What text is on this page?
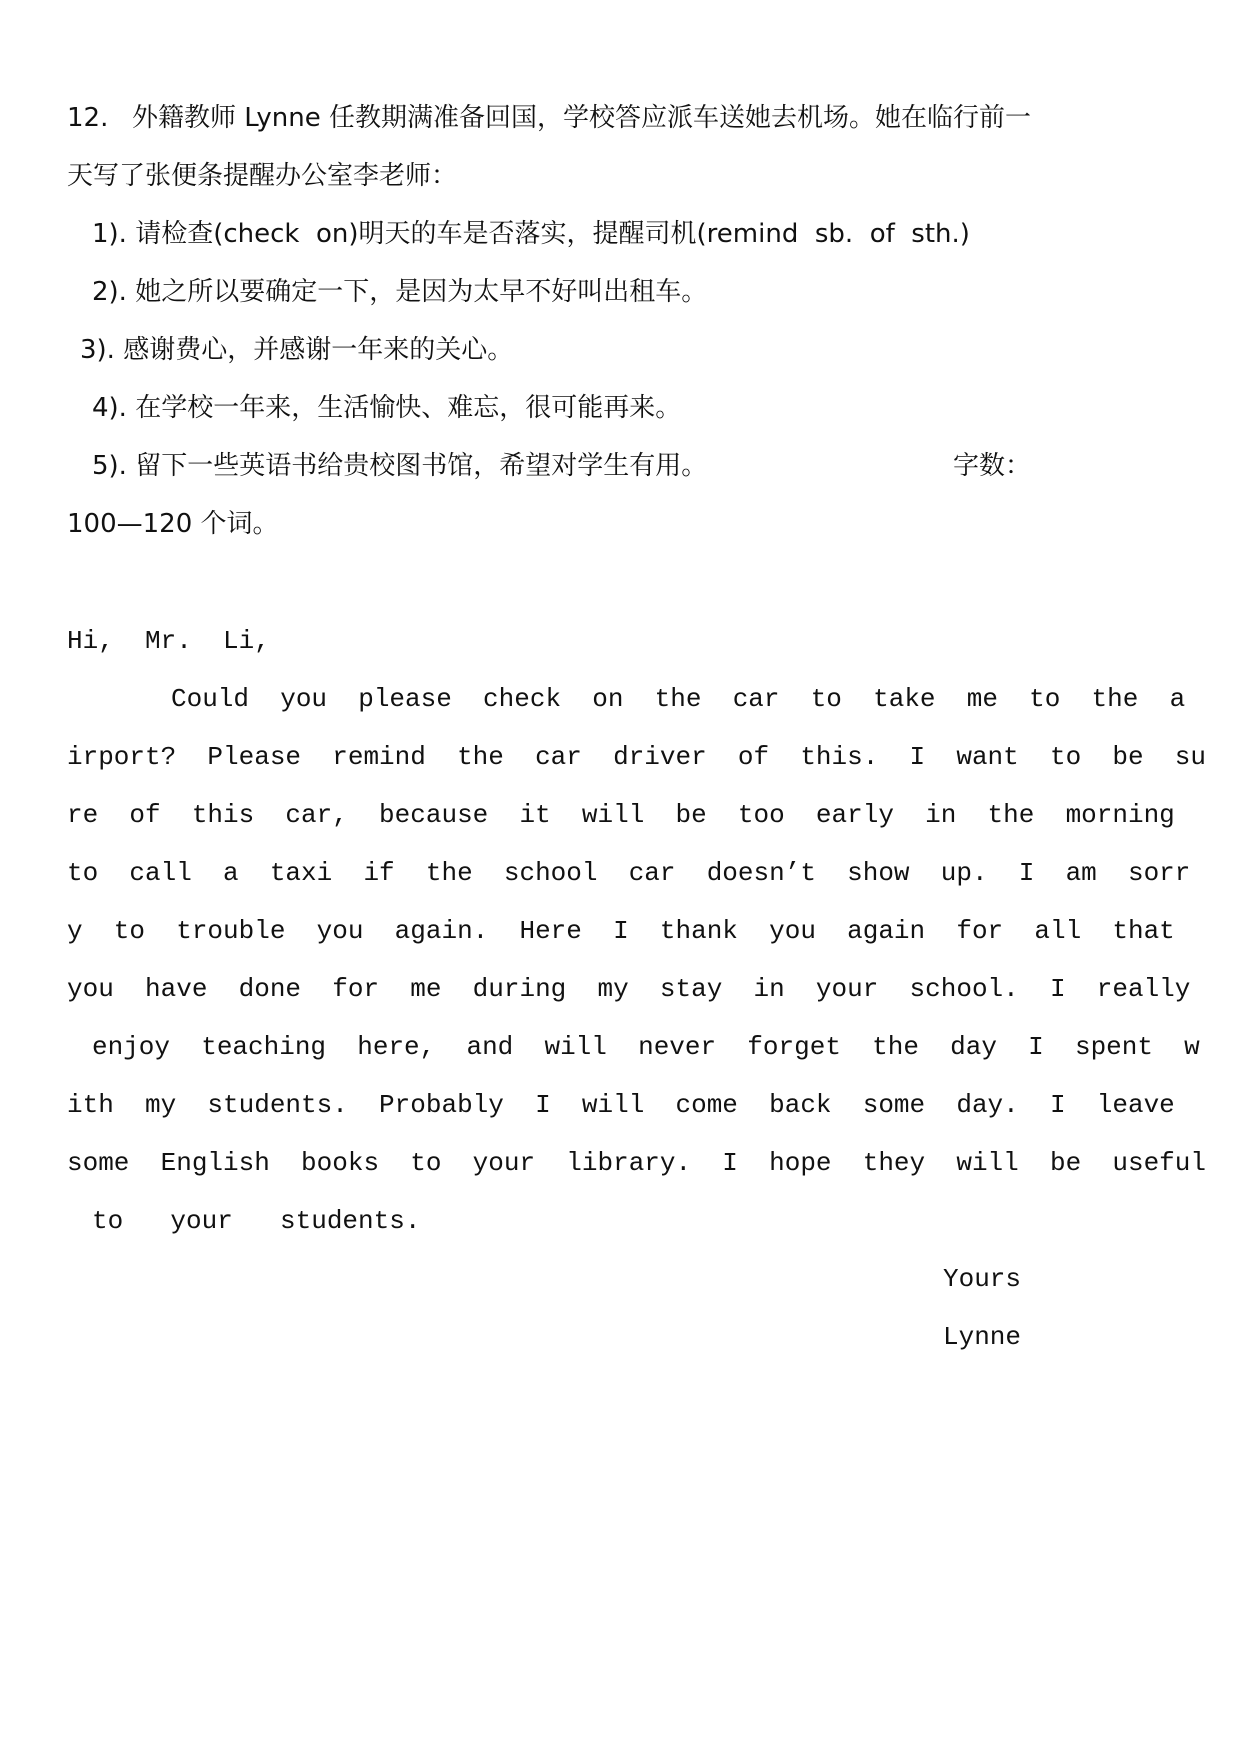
12. 外籍教师 Lynne 任教期满准备回国，学校答应派车送她去机场。她在临行前一
天写了张便条提醒办公室李老师：
1). 请检查(check  on)明天的车是否落实，提醒司机(remind  sb.  of  sth.)
2). 她之所以要确定一下，是因为太早不好叫出租车。
3). 感谢费心，并感谢一年来的关心。
4). 在学校一年来，生活愉快、难忘，很可能再来。
5). 留下一些英语书给贵校图书馆，希望对学生有用。	字数：
100—120 个词。
Hi,  Mr.  Li,
Could  you  please  check  on  the  car  to  take  me  to  the  a
irport?  Please  remind  the  car  driver  of  this.  I  want  to  be  su
re  of  this  car,  because  it  will  be  too  early  in  the  morning
to  call  a  taxi  if  the  school  car  doesn’t  show  up.  I  am  sorr
y  to  trouble  you  again.  Here  I  thank  you  again  for  all  that
you  have  done  for  me  during  my  stay  in  your  school.  I  really
enjoy  teaching  here,  and  will  never  forget  the  day  I  spent  w
ith  my  students.  Probably  I  will  come  back  some  day.  I  leave
some  English  books  to  your  library.  I  hope  they  will  be  useful
to  your  students.
Yours
Lynne
